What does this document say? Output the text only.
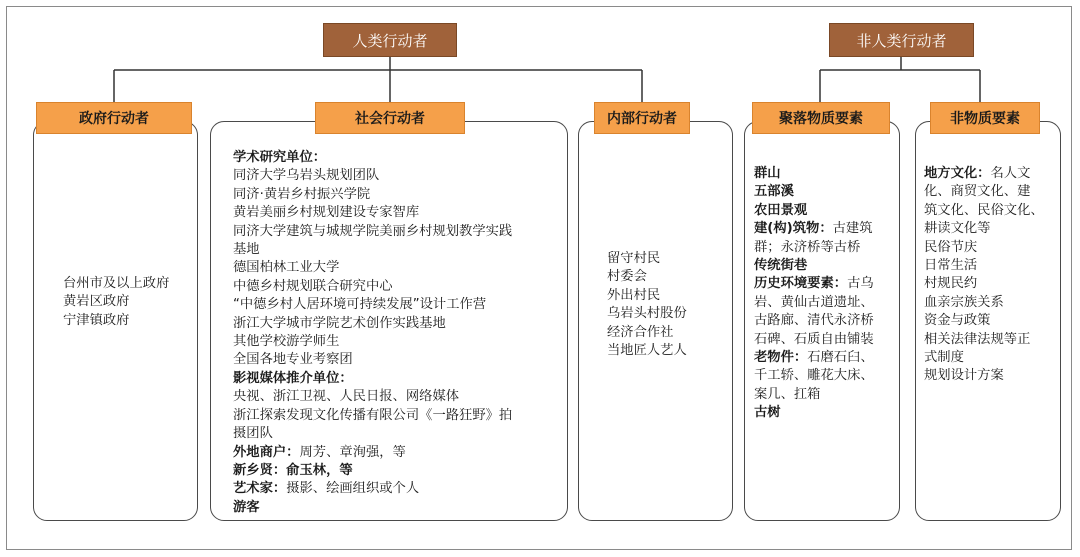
人类行动者	非人类行动者
台州市及以上政府
黄岩区政府
宁津镇政府
学术研究单位：
同济大学乌岩头规划团队
同济·黄岩乡村振兴学院
黄岩美丽乡村规划建设专家智库
同济大学建筑与城规学院美丽乡村规划教学实践
基地
德国柏林工业大学
中德乡村规划联合研究中心
“中德乡村人居环境可持续发展”设计工作营
浙江大学城市学院艺术创作实践基地
其他学校游学师生
全国各地专业考察团
影视媒体推介单位：
央视、浙江卫视、人民日报、网络媒体
浙江探索发现文化传播有限公司《一路狂野》拍
摄团队
外地商户：周芳、章洵强，等
新乡贤：俞玉林，等
艺术家：摄影、绘画组织或个人
游客
留守村民
村委会
外出村民
乌岩头村股份
经济合作社
当地匠人艺人
群山
五部溪
农田景观
建(构)筑物：古建筑
群；永济桥等古桥
传统街巷
历史环境要素：古乌
岩、黄仙古道遗址、
古路廊、清代永济桥
石碑、石质自由铺装
老物件：石磨石臼、
千工轿、雕花大床、
案几、扛箱
古树
地方文化：名人文
化、商贸文化、建
筑文化、民俗文化、
耕读文化等
民俗节庆
日常生活
村规民约
血亲宗族关系
资金与政策
相关法律法规等正
式制度
规划设计方案
政府行动者	社会行动者	内部行动者	聚落物质要素	非物质要素
